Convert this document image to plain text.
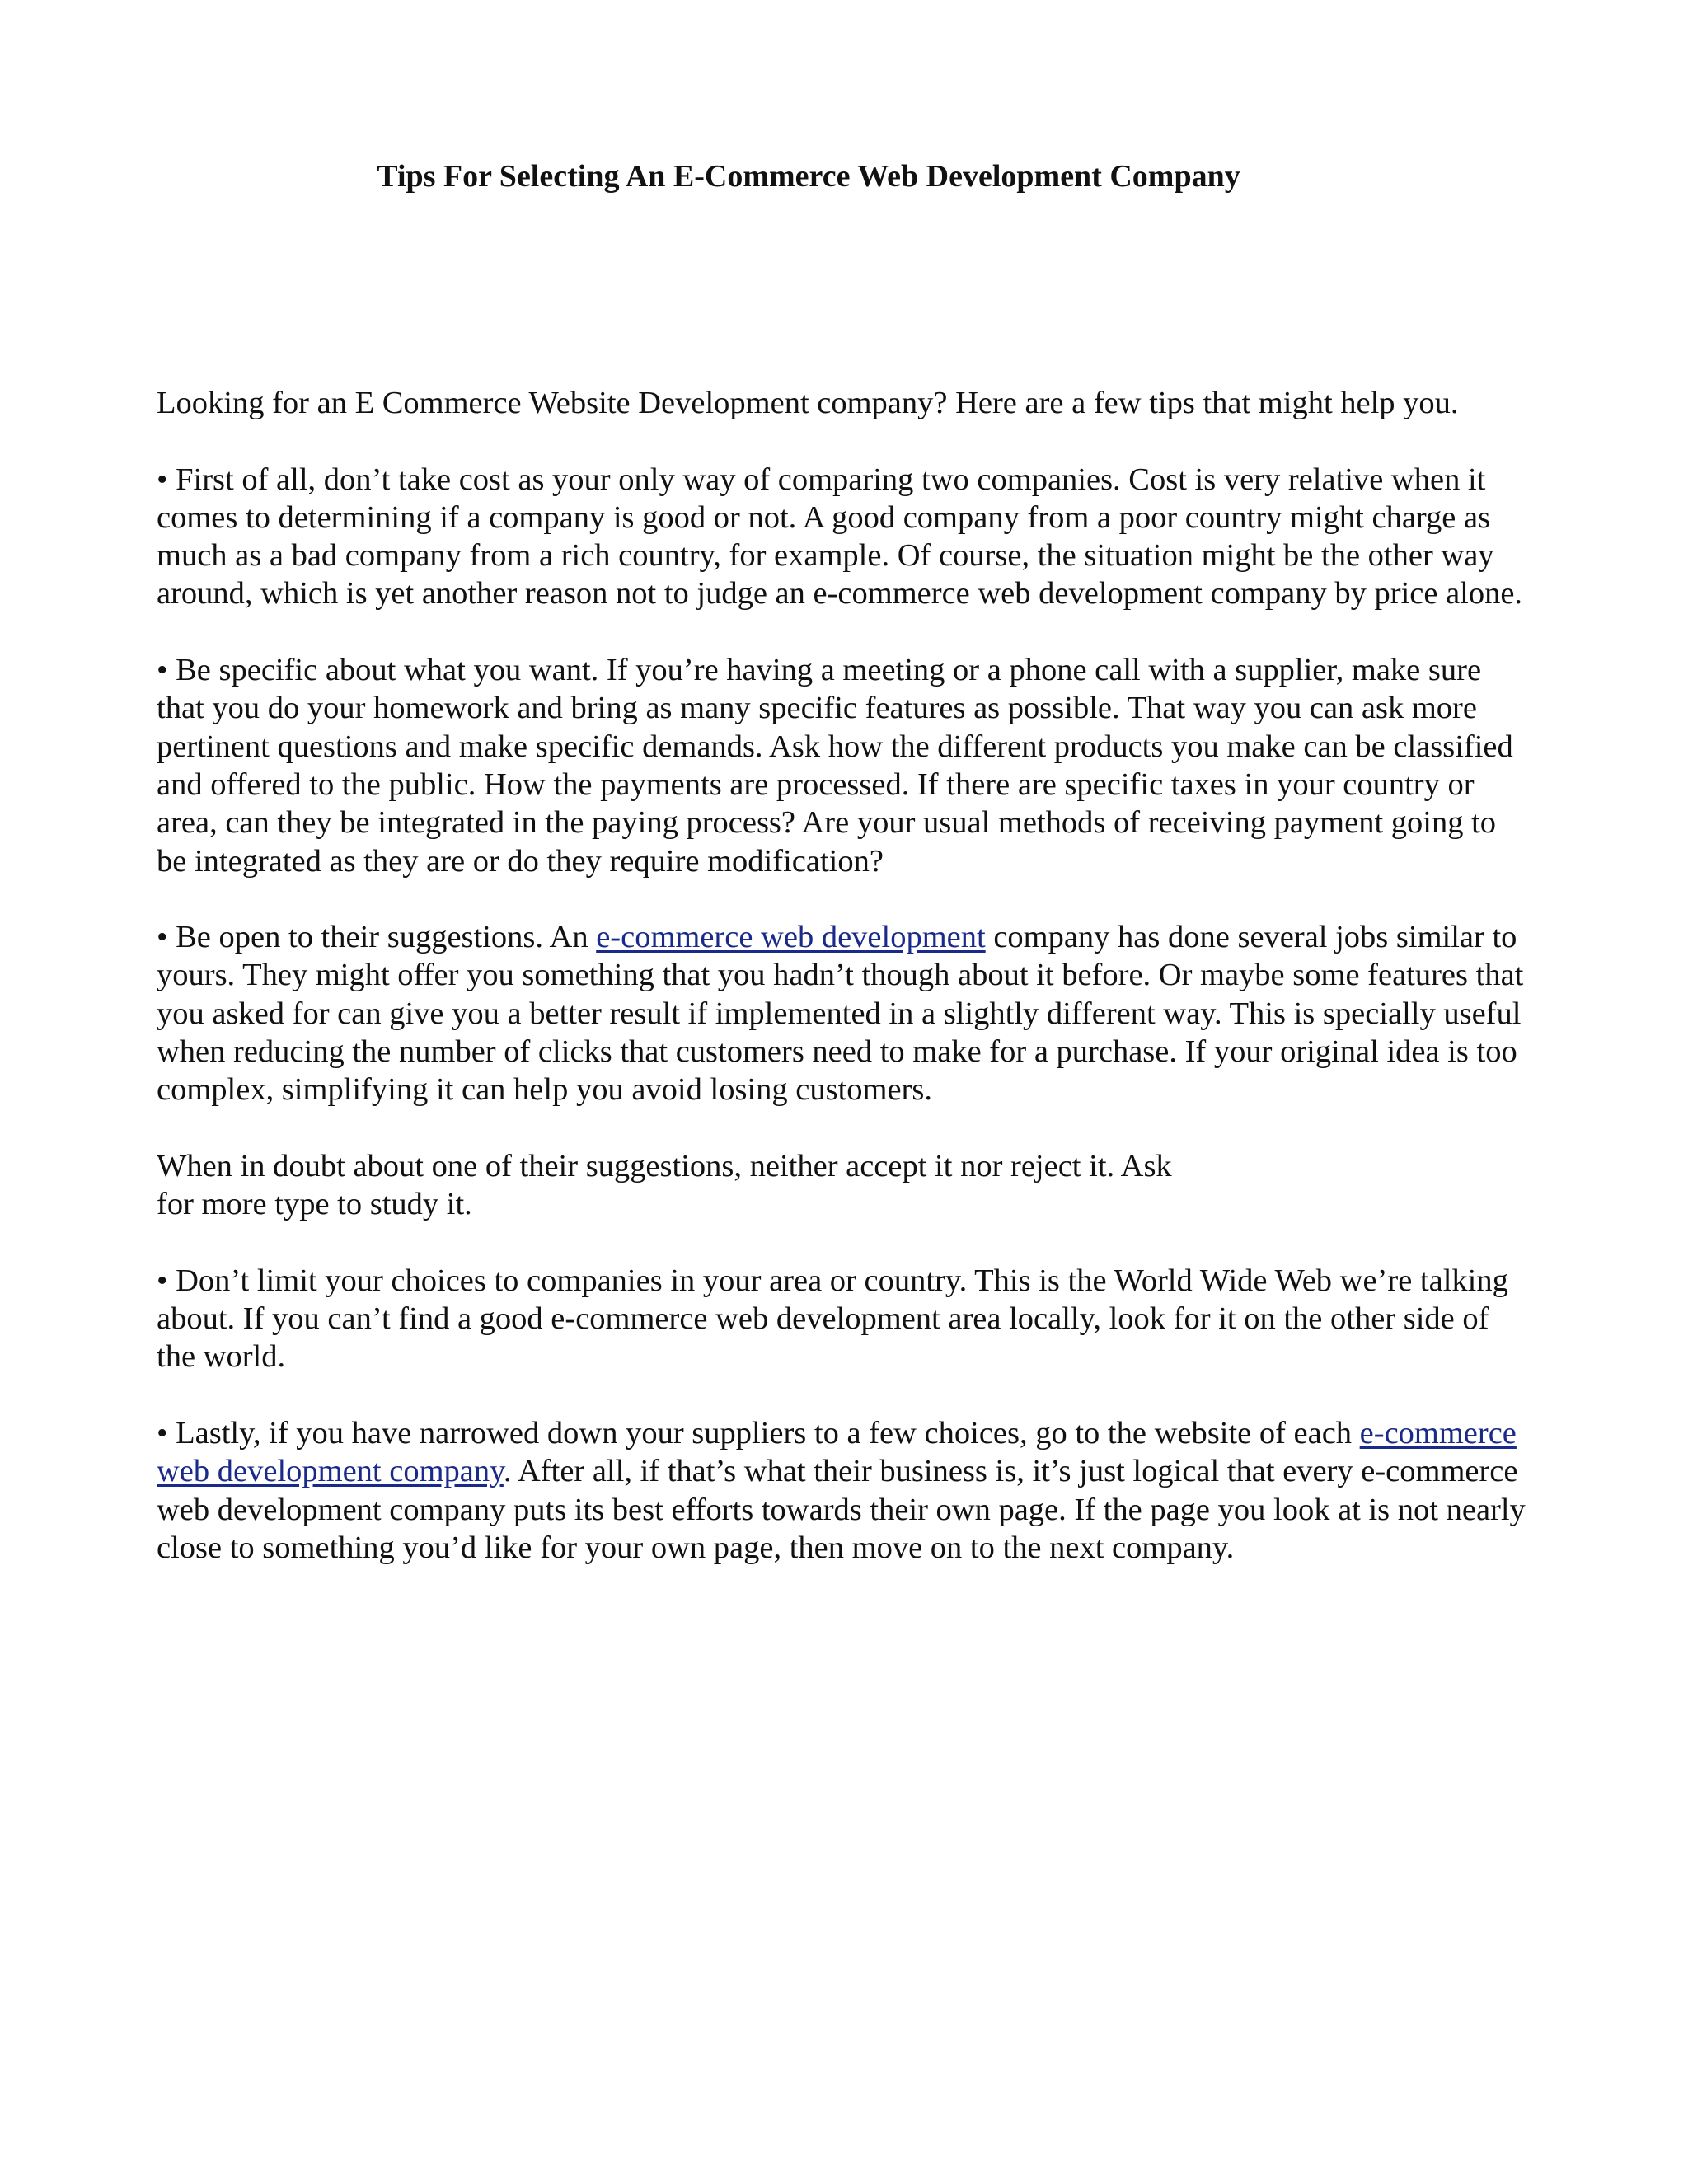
Tips For Selecting An E-Commerce Web Development Company

Looking for an E Commerce Website Development company? Here are a few tips that might help you.

• First of all, don’t take cost as your only way of comparing two companies. Cost is very relative when it comes to determining if a company is good or not. A good company from a poor country might charge as much as a bad company from a rich country, for example. Of course, the situation might be the other way around, which is yet another reason not to judge an e-commerce web development company by price alone.

• Be specific about what you want. If you’re having a meeting or a phone call with a supplier, make sure that you do your homework and bring as many specific features as possible. That way you can ask more pertinent questions and make specific demands. Ask how the different products you make can be classified and offered to the public. How the payments are processed. If there are specific taxes in your country or area, can they be integrated in the paying process? Are your usual methods of receiving payment going to be integrated as they are or do they require modification?

• Be open to their suggestions. An e-commerce web development company has done several jobs similar to yours. They might offer you something that you hadn’t though about it before. Or maybe some features that you asked for can give you a better result if implemented in a slightly different way. This is specially useful when reducing the number of clicks that customers need to make for a purchase. If your original idea is too complex, simplifying it can help you avoid losing customers.

When in doubt about one of their suggestions, neither accept it nor reject it. Ask
for more type to study it.

• Don’t limit your choices to companies in your area or country. This is the World Wide Web we’re talking about. If you can’t find a good e-commerce web development area locally, look for it on the other side of the world.

• Lastly, if you have narrowed down your suppliers to a few choices, go to the website of each e-commerce web development company. After all, if that’s what their business is, it’s just logical that every e-commerce web development company puts its best efforts towards their own page. If the page you look at is not nearly close to something you’d like for your own page, then move on to the next company.
